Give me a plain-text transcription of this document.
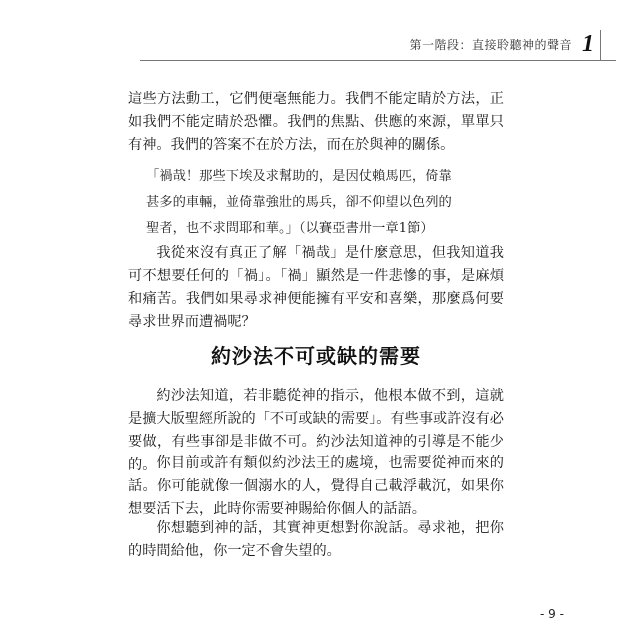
第一階段：直接聆聽神的聲音 1

這些方法動工，它們便毫無能力。我們不能定睛於方法，正如我們不能定睛於恐懼。我們的焦點、供應的來源，單單只有神。我們的答案不在於方法，而在於與神的關係。

「禍哉！那些下埃及求幫助的，是因仗賴馬匹，倚靠
甚多的車輛，並倚靠強壯的馬兵，卻不仰望以色列的
聖者，也不求問耶和華。」（以賽亞書卅一章1節）

我從來沒有真正了解「禍哉」是什麼意思，但我知道我可不想要任何的「禍」。「禍」顯然是一件悲慘的事，是麻煩和痛苦。我們如果尋求神便能擁有平安和喜樂，那麼爲何要尋求世界而遭禍呢？

約沙法不可或缺的需要

約沙法知道，若非聽從神的指示，他根本做不到，這就是擴大版聖經所說的「不可或缺的需要」。有些事或許沒有必要做，有些事卻是非做不可。約沙法知道神的引導是不能少的。 你目前或許有類似約沙法王的處境，也需要從神而來的話。你可能就像一個溺水的人，覺得自己載浮載沉，如果你想要活下去，此時你需要神賜給你個人的話語。

你想聽到神的話，其實神更想對你說話。尋求祂，把你的時間給他，你一定不會失望的。

- 9 -
